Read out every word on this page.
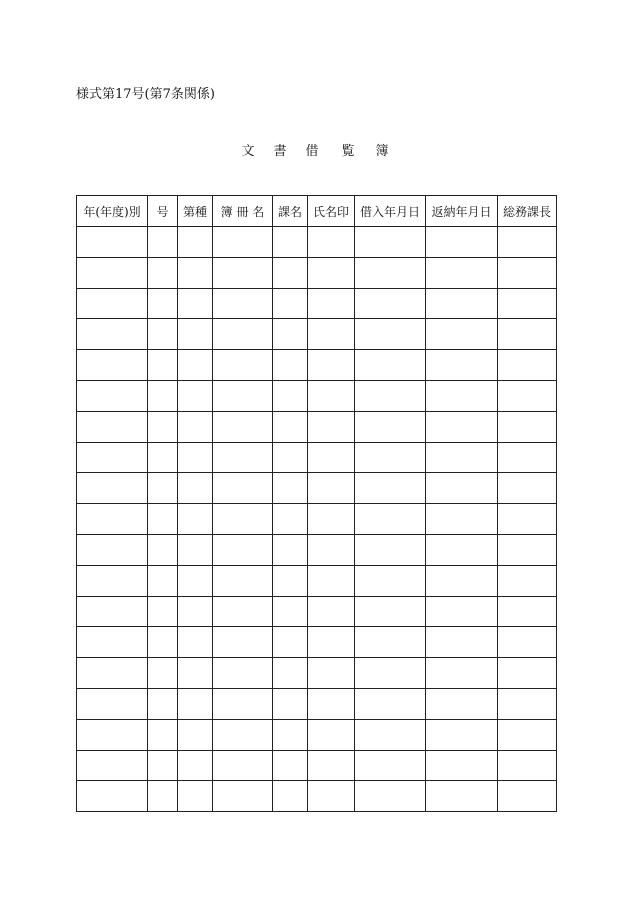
様式第17号(第7条関係)
文 書 借 覧 簿
年(年度)別	号	第種	簿 冊 名	課名	氏名印	借入年月日	返納年月日	総務課長
